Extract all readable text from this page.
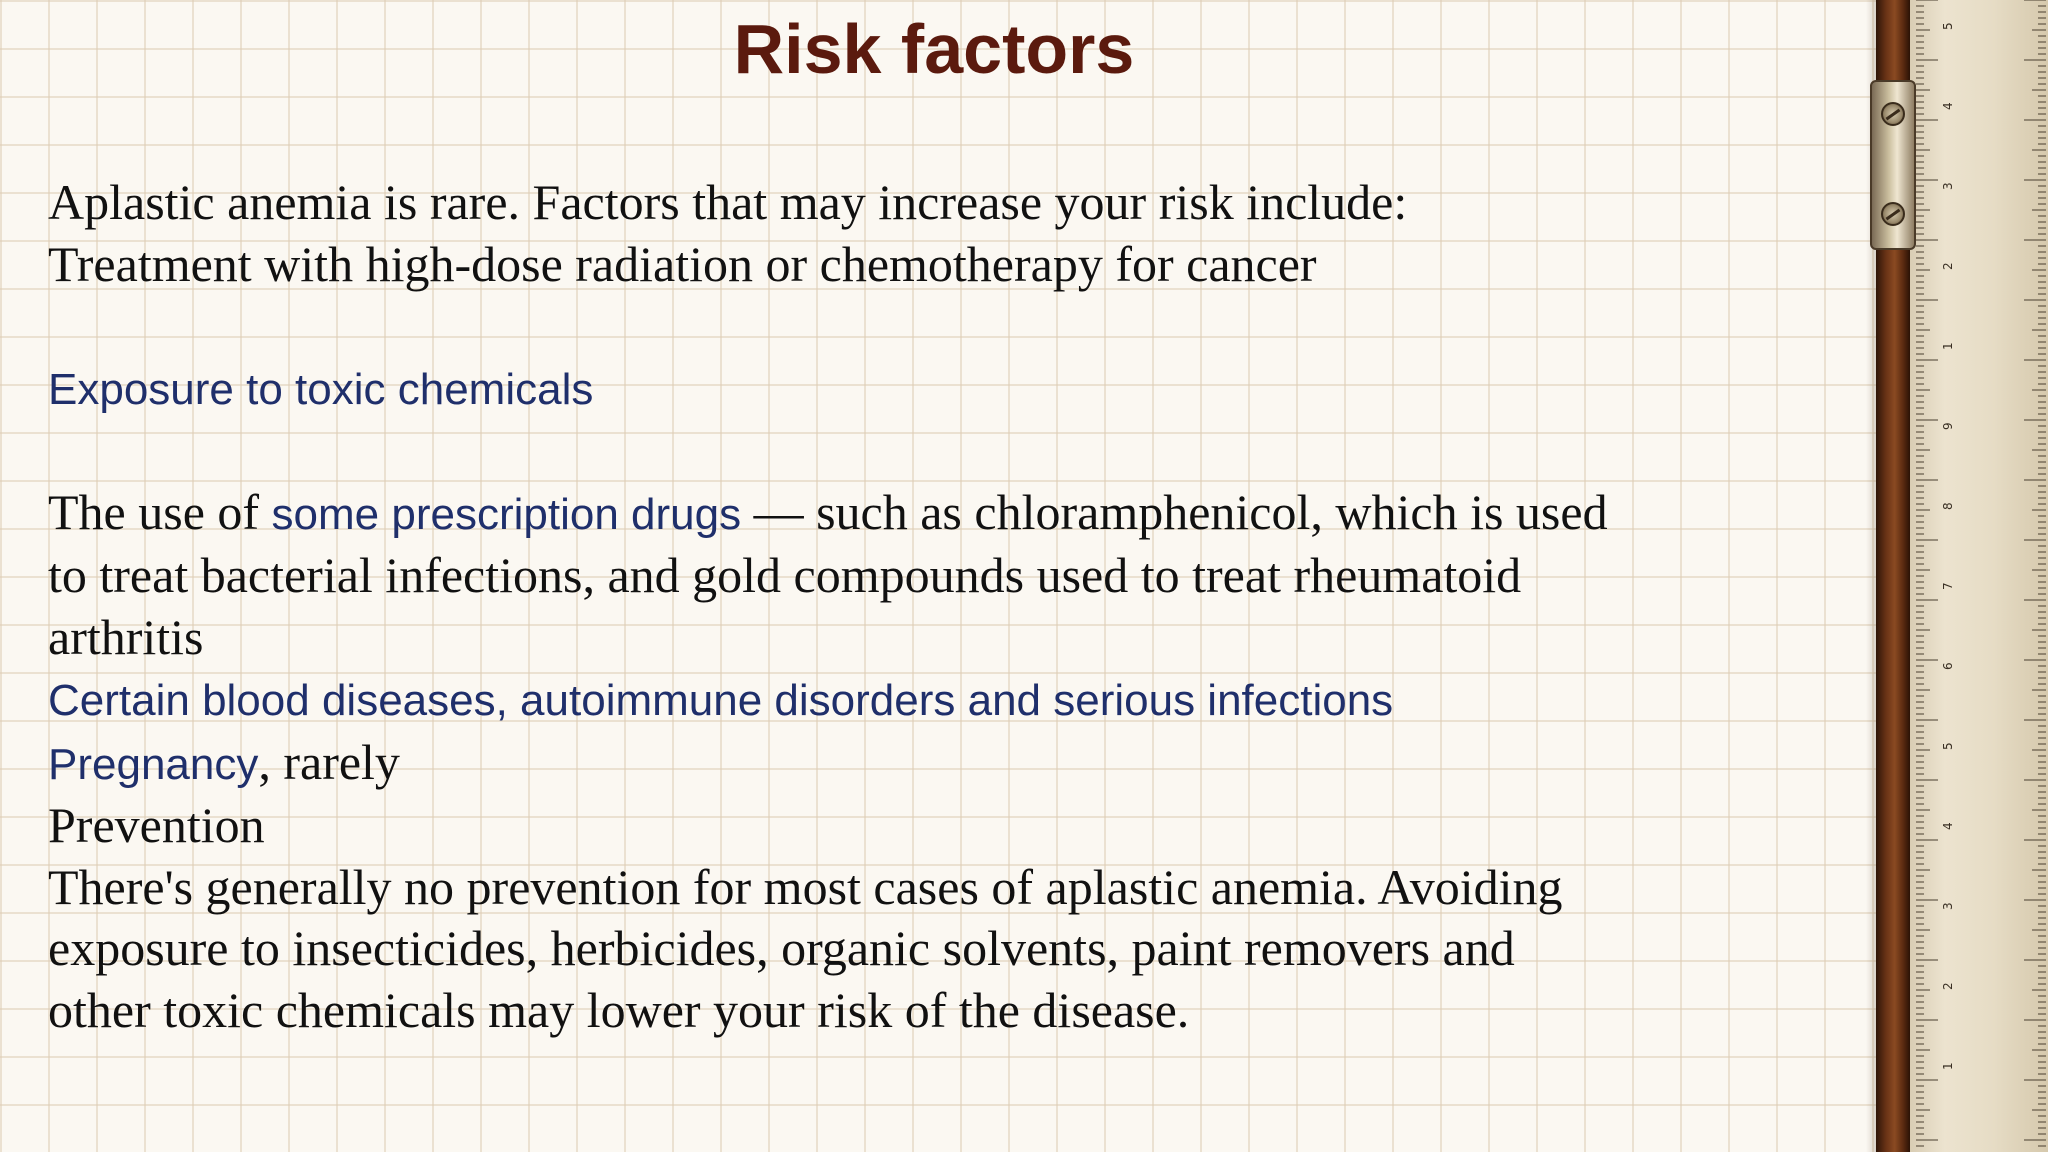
Risk factors
Aplastic anemia is rare. Factors that may increase your risk include:
Treatment with high-dose radiation or chemotherapy for cancer
Exposure to toxic chemicals
The use of some prescription drugs — such as chloramphenicol, which is used
to treat bacterial infections, and gold compounds used to treat rheumatoid
arthritis
Certain blood diseases, autoimmune disorders and serious infections
Pregnancy, rarely
Prevention
There's generally no prevention for most cases of aplastic anemia. Avoiding
exposure to insecticides, herbicides, organic solvents, paint removers and
other toxic chemicals may lower your risk of the disease.
5
4
3
2
1
9
8
7
6
5
4
3
2
1
